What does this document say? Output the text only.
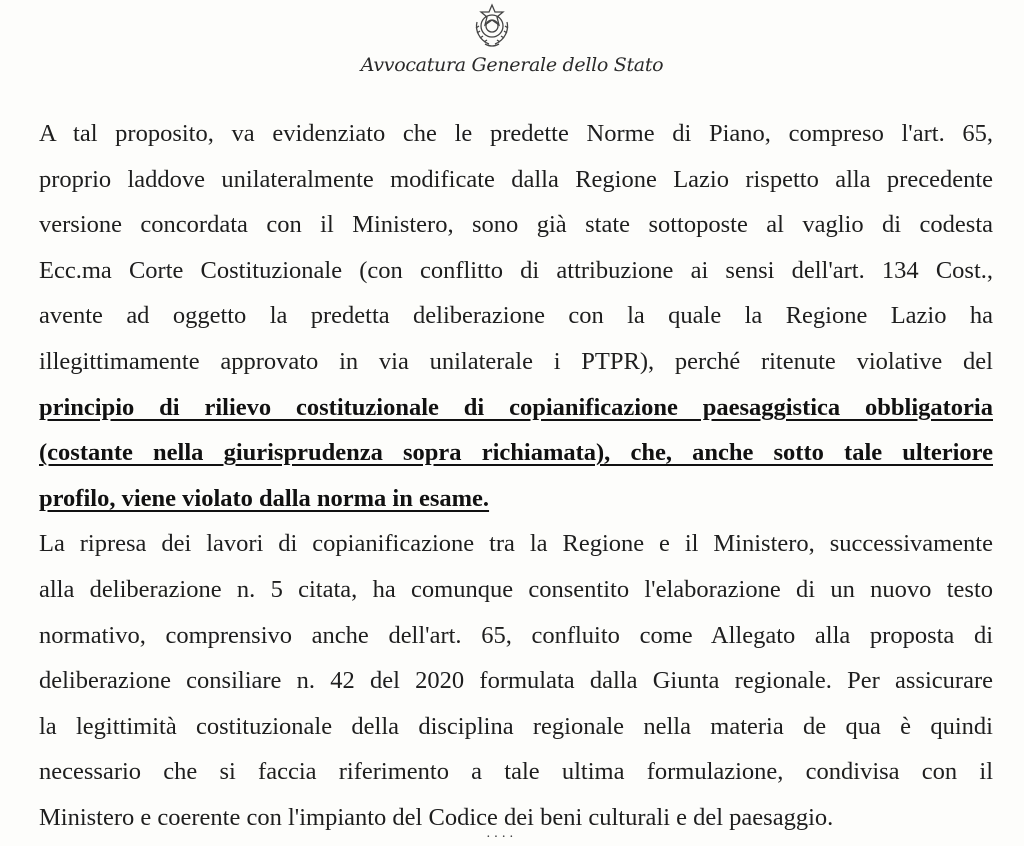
Avvocatura Generale dello Stato
A tal proposito, va evidenziato che le predette Norme di Piano, compreso l'art. 65,
proprio laddove unilateralmente modificate dalla Regione Lazio rispetto alla precedente
versione concordata con il Ministero, sono già state sottoposte al vaglio di codesta
Ecc.ma Corte Costituzionale (con conflitto di attribuzione ai sensi dell'art. 134 Cost.,
avente ad oggetto la predetta deliberazione con la quale la Regione Lazio ha
illegittimamente approvato in via unilaterale i PTPR), perché ritenute violative del
principio di rilievo costituzionale di copianificazione paesaggistica obbligatoria
(costante nella giurisprudenza sopra richiamata), che, anche sotto tale ulteriore
profilo, viene violato dalla norma in esame.
La ripresa dei lavori di copianificazione tra la Regione e il Ministero, successivamente
alla deliberazione n. 5 citata, ha comunque consentito l'elaborazione di un nuovo testo
normativo, comprensivo anche dell'art. 65, confluito come Allegato alla proposta di
deliberazione consiliare n. 42 del 2020 formulata dalla Giunta regionale. Per assicurare
la legittimità costituzionale della disciplina regionale nella materia de qua è quindi
necessario che si faccia riferimento a tale ultima formulazione, condivisa con il
Ministero e coerente con l'impianto del Codice dei beni culturali e del paesaggio.
····
